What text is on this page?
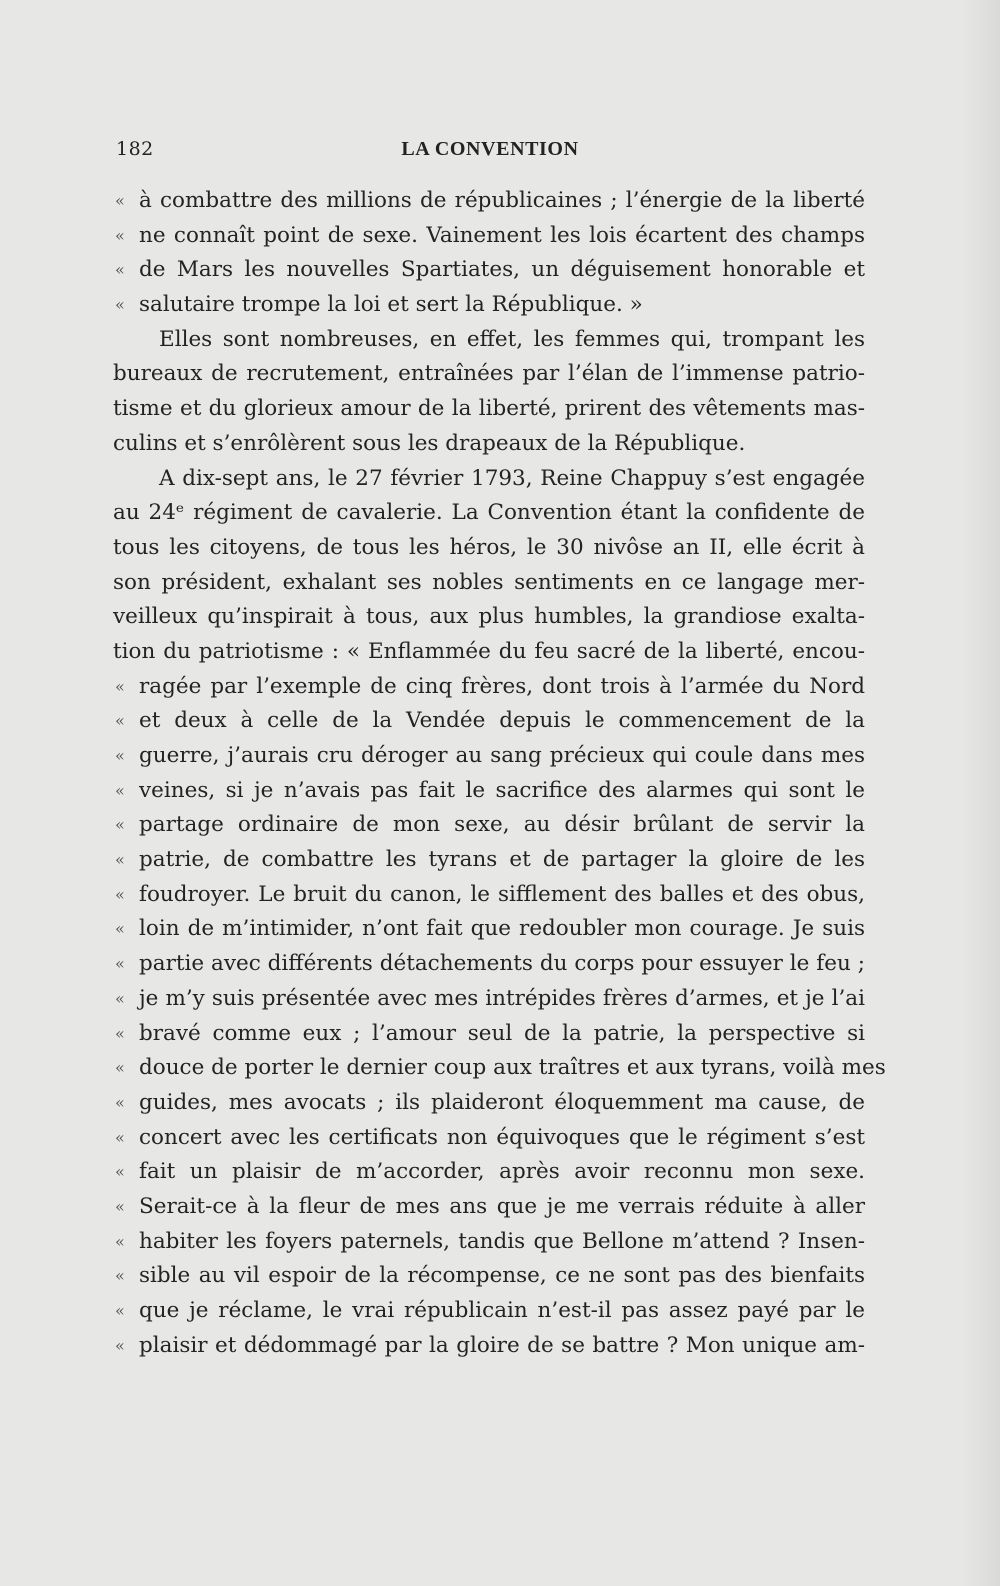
182	LA CONVENTION
« à combattre des millions de républicaines ; l’énergie de la liberté
« ne connaît point de sexe. Vainement les lois écartent des champs
« de Mars les nouvelles Spartiates, un déguisement honorable et
« salutaire trompe la loi et sert la République. »
Elles sont nombreuses, en effet, les femmes qui, trompant les
bureaux de recrutement, entraînées par l’élan de l’immense patrio-
tisme et du glorieux amour de la liberté, prirent des vêtements mas-
culins et s’enrôlèrent sous les drapeaux de la République.
A dix-sept ans, le 27 février 1793, Reine Chappuy s’est engagée
au 24ᵉ régiment de cavalerie. La Convention étant la confidente de
tous les citoyens, de tous les héros, le 30 nivôse an II, elle écrit à
son président, exhalant ses nobles sentiments en ce langage mer-
veilleux qu’inspirait à tous, aux plus humbles, la grandiose exalta-
tion du patriotisme : « Enflammée du feu sacré de la liberté, encou-
« ragée par l’exemple de cinq frères, dont trois à l’armée du Nord
« et deux à celle de la Vendée depuis le commencement de la
« guerre, j’aurais cru déroger au sang précieux qui coule dans mes
« veines, si je n’avais pas fait le sacrifice des alarmes qui sont le
« partage ordinaire de mon sexe, au désir brûlant de servir la
« patrie, de combattre les tyrans et de partager la gloire de les
« foudroyer. Le bruit du canon, le sifflement des balles et des obus,
« loin de m’intimider, n’ont fait que redoubler mon courage. Je suis
« partie avec différents détachements du corps pour essuyer le feu ;
« je m’y suis présentée avec mes intrépides frères d’armes, et je l’ai
« bravé comme eux ; l’amour seul de la patrie, la perspective si
« douce de porter le dernier coup aux traîtres et aux tyrans, voilà mes
« guides, mes avocats ; ils plaideront éloquemment ma cause, de
« concert avec les certificats non équivoques que le régiment s’est
« fait un plaisir de m’accorder, après avoir reconnu mon sexe.
« Serait-ce à la fleur de mes ans que je me verrais réduite à aller
« habiter les foyers paternels, tandis que Bellone m’attend ? Insen-
« sible au vil espoir de la récompense, ce ne sont pas des bienfaits
« que je réclame, le vrai républicain n’est-il pas assez payé par le
« plaisir et dédommagé par la gloire de se battre ? Mon unique am-
